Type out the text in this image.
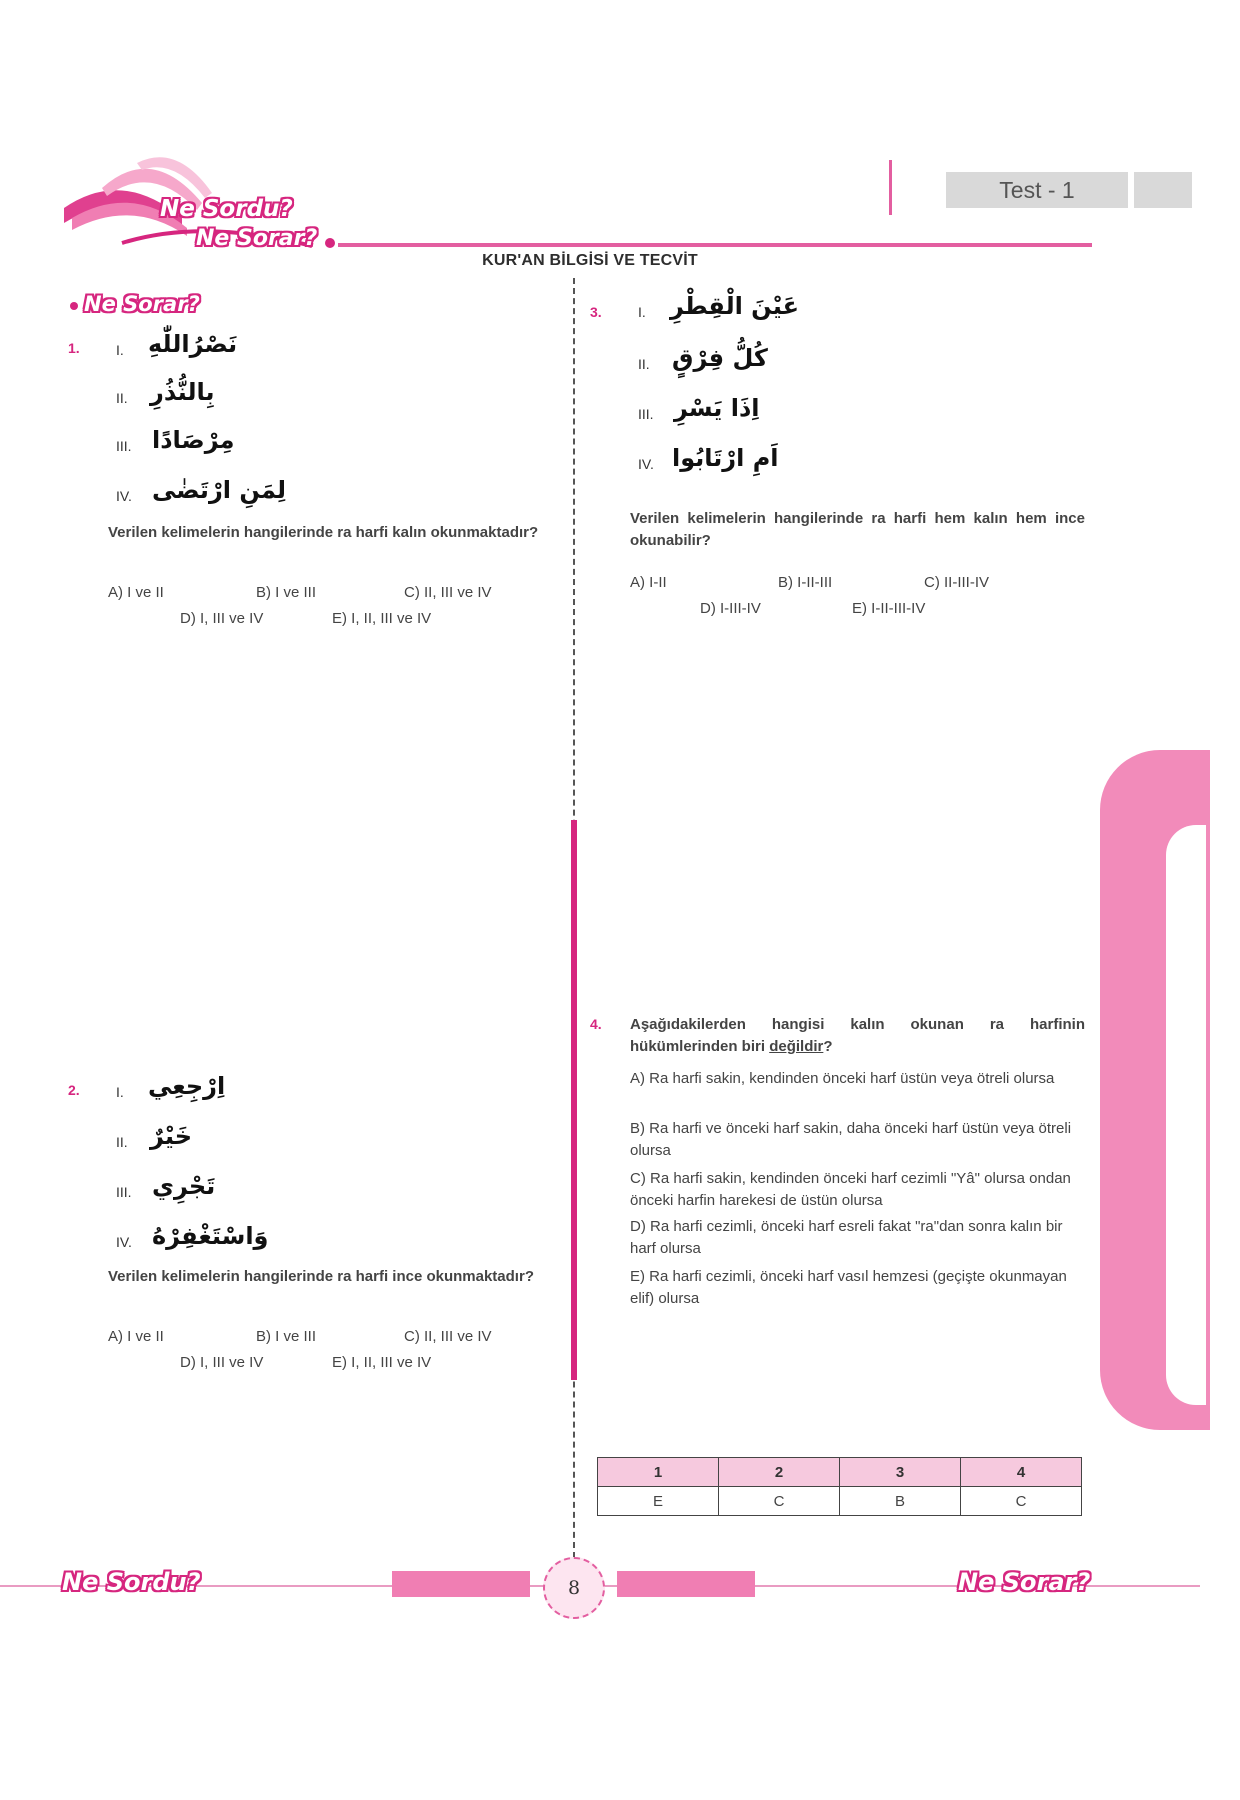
Ne Sordu?
Ne Sorar?
Test - 1
KUR'AN BİLGİSİ VE TECVİT
Ne Sorar?
1.	I. نَصْرُاللّٰهِ
II. بِالنُّذُرِ
III. مِرْصَادًا
IV. لِمَنِ ارْتَضٰى
Verilen kelimelerin hangilerinde ra harfi kalın okunmaktadır?
A) I ve II	B) I ve III	C) II, III ve IV
D) I, III ve IV	E) I, II, III ve IV
2.	I. اِرْجِعِي
II. خَيْرٌ
III. تَجْرِي
IV. وَاسْتَغْفِرْهُ
Verilen kelimelerin hangilerinde ra harfi ince okunmaktadır?
A) I ve II	B) I ve III	C) II, III ve IV
D) I, III ve IV	E) I, II, III ve IV
3.	I. عَيْنَ الْقِطْرِ
II. كُلُّ فِرْقٍ
III. اِذَا يَسْرِ
IV. اَمِ ارْتَابُوا
Verilen kelimelerin hangilerinde ra harfi hem kalın hem ince okunabilir?
A) I-II	B) I-II-III	C) II-III-IV
D) I-III-IV	E) I-II-III-IV
4. Aşağıdakilerden hangisi kalın okunan ra harfinin hükümlerinden biri değildir?
A) Ra harfi sakin, kendinden önceki harf üstün veya ötreli olursa
B) Ra harfi ve önceki harf sakin, daha önceki harf üstün veya ötreli olursa
C) Ra harfi sakin, kendinden önceki harf cezimli "Yâ" olursa ondan önceki harfin harekesi de üstün olursa
D) Ra harfi cezimli, önceki harf esreli fakat "ra"dan sonra kalın bir harf olursa
E) Ra harfi cezimli, önceki harf vasıl hemzesi (geçişte okunmayan elif) olursa
1	2	3	4
E	C	B	C
www.dizgikitap.com
Ne Sordu?	8	Ne Sorar?
